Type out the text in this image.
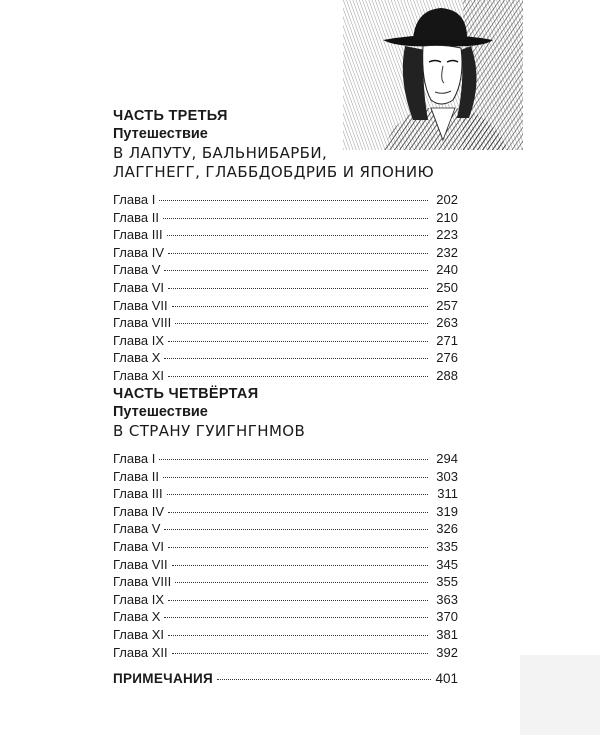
ЧАСТЬ ТРЕТЬЯ

Путешествие

В ЛАПУТУ, БАЛЬНИБАРБИ,

ЛАГГНЕГГ, ГЛАББДОБДРИБ И ЯПОНИЮ

Глава I	202
Глава II	210
Глава III	223
Глава IV	232
Глава V	240
Глава VI	250
Глава VII	257
Глава VIII	263
Глава IX	271
Глава X	276
Глава XI	288

ЧАСТЬ ЧЕТВЁРТАЯ

Путешествие

В СТРАНУ ГУИГНГНМОВ

Глава I	294
Глава II	303
Глава III	311
Глава IV	319
Глава V	326
Глава VI	335
Глава VII	345
Глава VIII	355
Глава IX	363
Глава X	370
Глава XI	381
Глава XII	392
ПРИМЕЧАНИЯ	401
